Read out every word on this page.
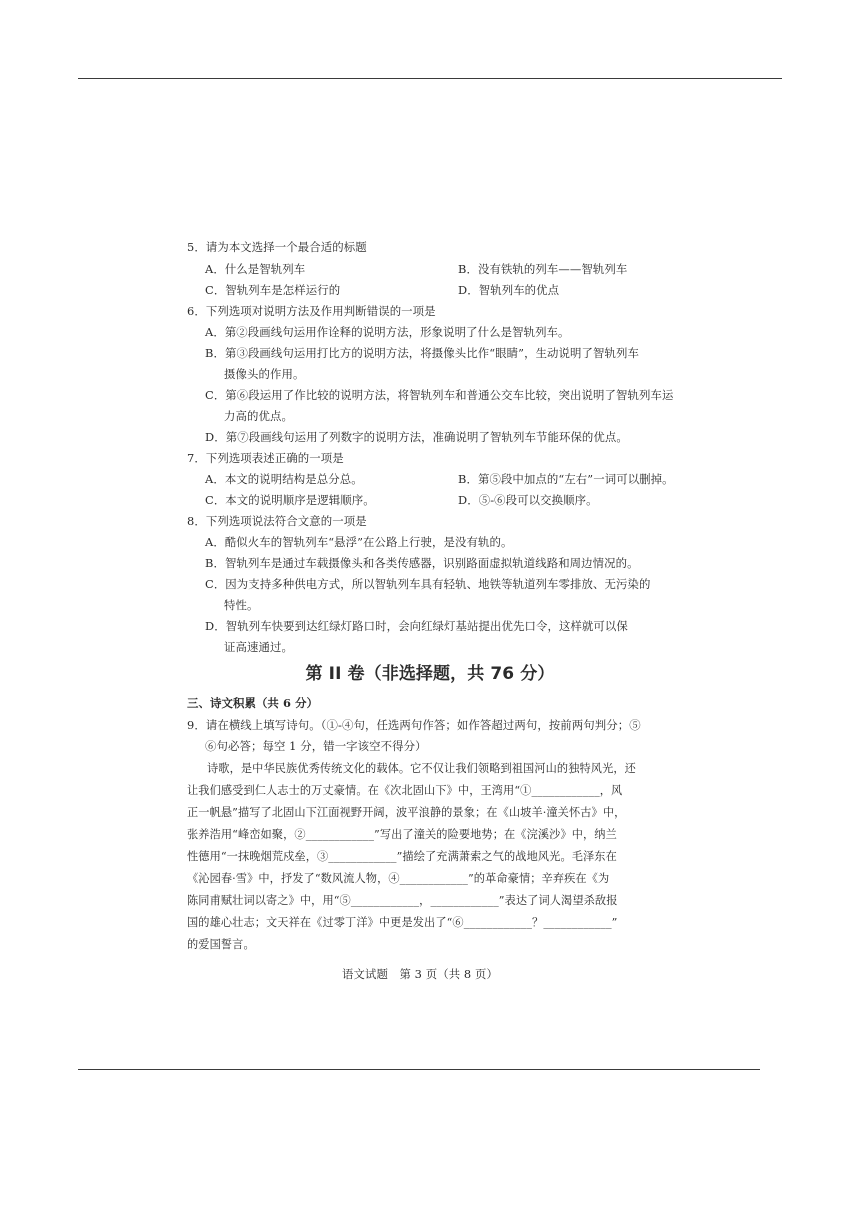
5．请为本文选择一个最合适的标题
A．什么是智轨列车	B．没有铁轨的列车——智轨列车
C．智轨列车是怎样运行的	D．智轨列车的优点
6．下列选项对说明方法及作用判断错误的一项是
A．第②段画线句运用作诠释的说明方法，形象说明了什么是智轨列车。
B．第③段画线句运用打比方的说明方法，将摄像头比作“眼睛”，生动说明了智轨列车
摄像头的作用。
C．第⑥段运用了作比较的说明方法，将智轨列车和普通公交车比较，突出说明了智轨列车运
力高的优点。
D．第⑦段画线句运用了列数字的说明方法，准确说明了智轨列车节能环保的优点。
7．下列选项表述正确的一项是
A．本文的说明结构是总分总。	B．第⑤段中加点的“左右”一词可以删掉。
C．本文的说明顺序是逻辑顺序。	D．⑤-⑥段可以交换顺序。
8．下列选项说法符合文意的一项是
A．酷似火车的智轨列车“悬浮”在公路上行驶，是没有轨的。
B．智轨列车是通过车载摄像头和各类传感器，识别路面虚拟轨道线路和周边情况的。
C．因为支持多种供电方式，所以智轨列车具有轻轨、地铁等轨道列车零排放、无污染的
特性。
D．智轨列车快要到达红绿灯路口时，会向红绿灯基站提出优先口令，这样就可以保
证高速通过。
第 II 卷（非选择题，共 76 分）
三、诗文积累（共 6 分）
9．请在横线上填写诗句。（①-④句，任选两句作答；如作答超过两句，按前两句判分；⑤
⑥句必答；每空 1 分，错一字该空不得分）
诗歌，是中华民族优秀传统文化的载体。它不仅让我们领略到祖国河山的独特风光，还
让我们感受到仁人志士的万丈豪情。在《次北固山下》中，王湾用“①____________，风
正一帆悬”描写了北固山下江面视野开阔，波平浪静的景象；在《山坡羊·潼关怀古》中，
张养浩用“峰峦如聚，②____________”写出了潼关的险要地势；在《浣溪沙》中，纳兰
性德用“一抹晚烟荒戍垒，③____________”描绘了充满萧索之气的战地风光。毛泽东在
《沁园春·雪》中，抒发了“数风流人物，④____________”的革命豪情；辛弃疾在《为
陈同甫赋壮词以寄之》中，用“⑤____________，____________”表达了词人渴望杀敌报
国的雄心壮志；文天祥在《过零丁洋》中更是发出了“⑥____________？____________”
的爱国誓言。
语文试题　第 3 页（共 8 页）
